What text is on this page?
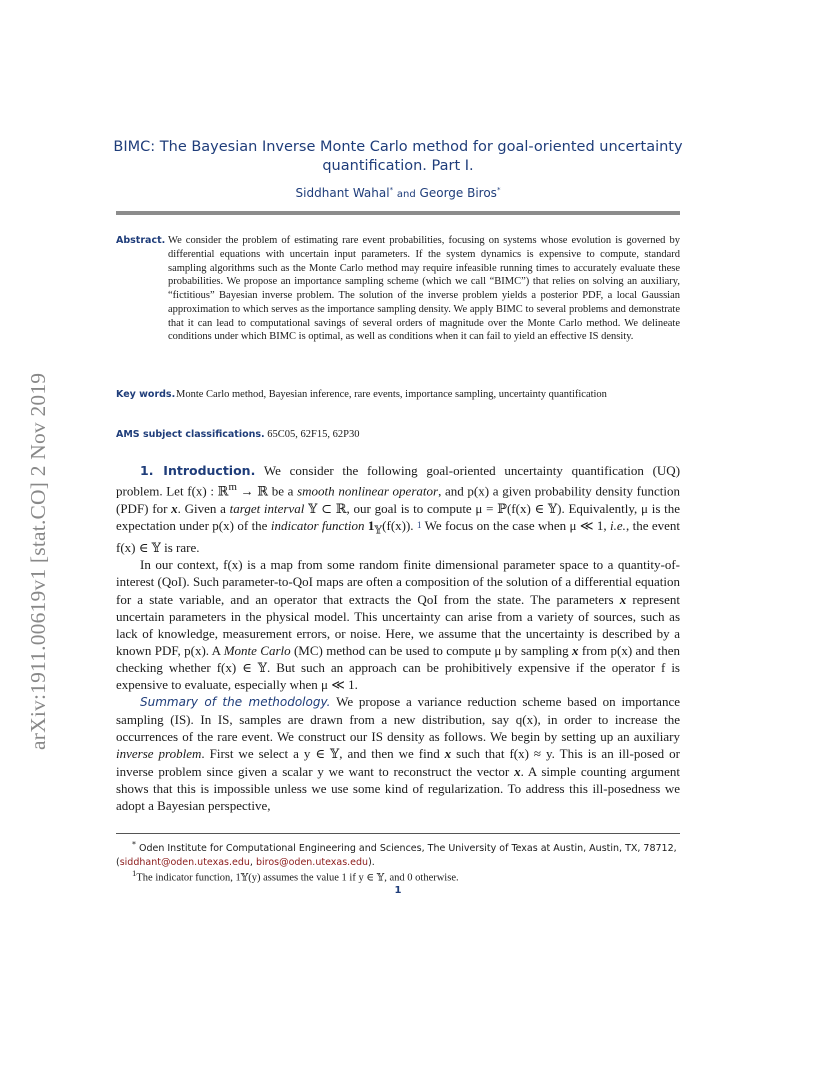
arXiv:1911.00619v1 [stat.CO] 2 Nov 2019
BIMC: The Bayesian Inverse Monte Carlo method for goal-oriented uncertainty quantification. Part I.
Siddhant Wahal* and George Biros*
Abstract. We consider the problem of estimating rare event probabilities, focusing on systems whose evolution is governed by differential equations with uncertain input parameters. If the system dynamics is expensive to compute, standard sampling algorithms such as the Monte Carlo method may require infeasible running times to accurately evaluate these probabilities. We propose an importance sampling scheme (which we call “BIMC”) that relies on solving an auxiliary, “fictitious” Bayesian inverse problem. The solution of the inverse problem yields a posterior PDF, a local Gaussian approximation to which serves as the importance sampling density. We apply BIMC to several problems and demonstrate that it can lead to computational savings of several orders of magnitude over the Monte Carlo method. We delineate conditions under which BIMC is optimal, as well as conditions when it can fail to yield an effective IS density.
Key words. Monte Carlo method, Bayesian inference, rare events, importance sampling, uncertainty quantification
AMS subject classifications. 65C05, 62F15, 62P30

1. Introduction. We consider the following goal-oriented uncertainty quantification (UQ) problem. Let f(x) : ℝ$^m$ → ℝ be a smooth nonlinear operator, and p(x) a given probability density function (PDF) for x. Given a target interval 𝕐 ⊂ ℝ, our goal is to compute μ = ℙ(f(x) ∈ 𝕐). Equivalently, μ is the expectation under p(x) of the indicator function $1_𝕐(f(x))$. $^1$ We focus on the case when μ ≪ 1, i.e., the event f(x) ∈ 𝕐 is rare.

In our context, f(x) is a map from some random finite dimensional parameter space to a quantity-of-interest (QoI). Such parameter-to-QoI maps are often a composition of the solution of a differential equation for a state variable, and an operator that extracts the QoI from the state. The parameters x represent uncertain parameters in the physical model. This uncertainty can arise from a variety of sources, such as lack of knowledge, measurement errors, or noise. Here, we assume that the uncertainty is described by a known PDF, p(x). A Monte Carlo (MC) method can be used to compute μ by sampling x from p(x) and then checking whether f(x) ∈ 𝕐. But such an approach can be prohibitively expensive if the operator f is expensive to evaluate, especially when μ ≪ 1.

Summary of the methodology. We propose a variance reduction scheme based on importance sampling (IS). In IS, samples are drawn from a new distribution, say q(x), in order to increase the occurrences of the rare event. We construct our IS density as follows. We begin by setting up an auxiliary inverse problem. First we select a y ∈ 𝕐, and then we find x such that f(x) ≈ y. This is an ill-posed or inverse problem since given a scalar y we want to reconstruct the vector x. A simple counting argument shows that this is impossible unless we use some kind of regularization. To address this ill-posedness we adopt a Bayesian perspective,

* Oden Institute for Computational Engineering and Sciences, The University of Texas at Austin, Austin, TX, 78712, (siddhant@oden.utexas.edu, biros@oden.utexas.edu).
$^1$The indicator function, 1𝕐(y) assumes the value 1 if y ∈ 𝕐, and 0 otherwise.
1
